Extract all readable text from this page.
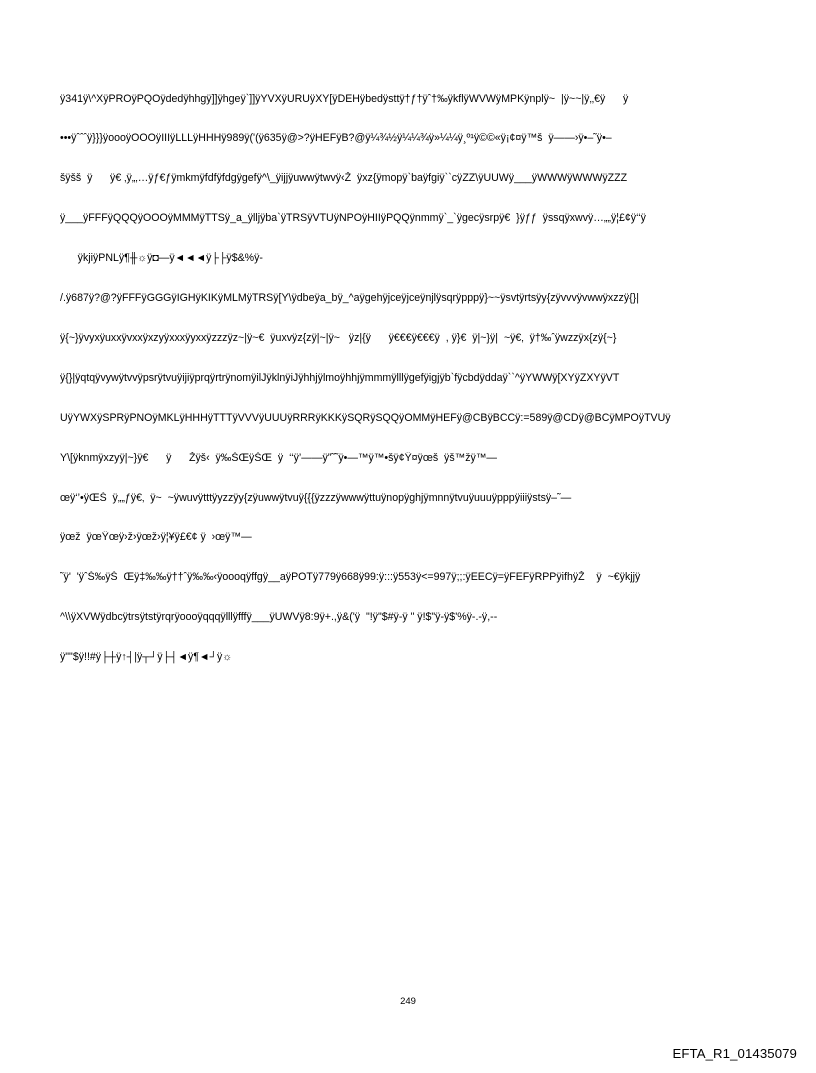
ÿ341ÿ\^XÿPROÿPQOÿdedÿhhgÿ]]ÿhgeÿ`]]ÿYVXÿURUÿXY[ÿDEHÿbedÿsttÿ†ƒ†ÿˆ†‰ÿkflÿWVWÿMPKÿnplÿ~  |ÿ~~|ÿ‚‚€ÿ      ÿ

•••ÿˆˆˆÿ}}}ÿoooÿOOOÿIIIÿLLLÿHHHÿ989ÿ('(ÿ635ÿ@>?ÿHEFÿB?@ÿ¼¾½ÿ¼¼¾ÿ»¼¼ÿ¸º¹ÿ©©«ÿ¡¢¤ÿ™š  ÿ——›ÿ•–˜ÿ•–

šÿšš  ÿ      ÿ€ ‚ÿ„‚…ÿƒ€ƒÿmkmÿfdfÿfdgÿgefÿ^\_ÿijjÿuwwÿtwvÿ‹Ž  ÿxz{ÿmopÿ`baÿfgiÿ``cÿZZ\ÿUUWÿ___ÿWWWÿWWWÿZZZ

ÿ___ÿFFFÿQQQÿOOOÿMMMÿTTSÿ_a_ÿlljÿba`ÿTRSÿVTUÿNPOÿHIIÿPQQÿnmmÿ`_`ÿgecÿsrpÿ€  }ÿƒƒ  ÿssqÿxwvÿ…„„ÿ¦£¢ÿ‘‘ÿ

ÿkjiÿPNLÿ¶╫☼ÿ◘—ÿ◄◄◄ÿ├├ÿ$&%ÿ-

/.ÿ687ÿ?@?ÿFFFÿGGGÿIGHÿKIKÿMLMÿTRSÿ[Y\ÿdbeÿa_bÿ_^aÿgehÿjceÿjceÿnjlÿsqrÿpppÿ}~~ÿsvtÿrtsÿy{zÿvvvÿvwwÿxzzÿ{}|

ÿ{~}ÿvyxÿuxxÿvxxÿxzyÿxxxÿyxxÿzzzÿz~|ÿ~€  ÿuxvÿz{zÿ|~|ÿ~   ÿz|{ÿ      ÿ€€€ÿ€€€ÿ  , ÿ}€  ÿ|~}ÿ|  ~ÿ€‚  ÿ†‰ˆÿwzzÿx{zÿ{~}

ÿ{}|ÿqtqÿvywÿtvvÿpsrÿtvuÿijiÿprqÿrtrÿnomÿilJÿklnÿiJÿhhjÿlmoÿhhjÿmmmÿlllÿgefÿigjÿb`fÿcbdÿddaÿ``^ÿYWWÿ[XYÿZXYÿVT

UÿYWXÿSPRÿPNOÿMKLÿHHHÿTTTÿVVVÿUUUÿRRRÿKKKÿSQRÿSQQÿOMMÿHEFÿ@CBÿBCCÿ:=589ÿ@CDÿ@BCÿMPOÿTVUÿ

Y\[ÿknmÿxzyÿ|~}ÿ€      ÿ      Žÿš‹  ÿ‰ŠŒÿŠŒ  ÿ  ‘‘ÿ’——ÿ”˜˜ÿ•—™ÿ™•šÿ¢Ÿ¤ÿœš  ÿš™žÿ™—

œÿ‘’•ÿŒŠ  ÿ„„ƒÿ€‚  ÿ~  ~ÿwuvÿtttÿyzzÿy{zÿuwwÿtvuÿ{{{ÿzzzÿwwwÿttuÿnopÿghjÿmnnÿtvuÿuuuÿpppÿiiiÿstsÿ–˜—

ÿœž  ÿœŸœÿ›ž›ÿœž›ÿ¦¥ÿ£€¢ ÿ  ›œÿ™—

˜ÿ'  'ÿˆŠ‰ÿŠ  Œÿ‡‰‰ÿ††ˆÿ‰‰‹ÿoooqÿffgÿ__aÿPOTÿ779ÿ668ÿ99:ÿ:::ÿ553ÿ<=997ÿ;;:ÿEECÿ=ÿFEFÿRPPÿifhÿŽ    ÿ  ~€ÿkjjÿ

^\\ÿXVWÿdbcÿtrsÿtstÿrqrÿoooÿqqqÿlllÿfffÿ___ÿUWVÿ8:9ÿ+.,ÿ&('ÿ  "!ÿ"$#ÿ-ÿ " ÿ!$"ÿ-ÿ$'%ÿ-.-ÿ,--

ÿ""$ÿ!!#ÿ├┼ÿ↑┤|ÿ┬┘ÿ├┤◄ÿ¶◄┘ÿ☼

249
EFTA_R1_01435079
